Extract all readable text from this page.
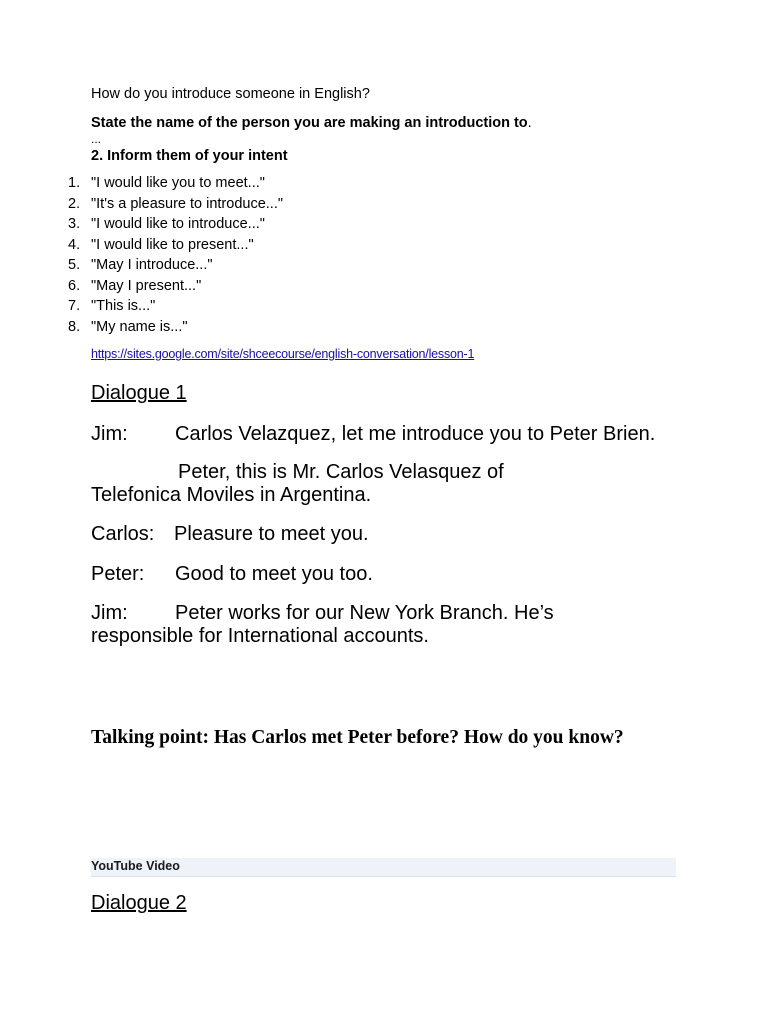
How do you introduce someone in English?
State the name of the person you are making an introduction to.
...
2. Inform them of your intent
1. "I would like you to meet..."
2. "It's a pleasure to introduce..."
3. "I would like to introduce..."
4. "I would like to present..."
5. "May I introduce..."
6. "May I present..."
7. "This is..."
8. "My name is..."
https://sites.google.com/site/shceecourse/english-conversation/lesson-1
Dialogue 1
Jim: Carlos Velazquez, let me introduce you to Peter Brien.
Peter, this is Mr. Carlos Velasquez of
Telefonica Moviles in Argentina.
Carlos: Pleasure to meet you.
Peter: Good to meet you too.
Jim: Peter works for our New York Branch. He’s
responsible for International accounts.
Talking point: Has Carlos met Peter before? How do you know?
YouTube Video
Dialogue 2
